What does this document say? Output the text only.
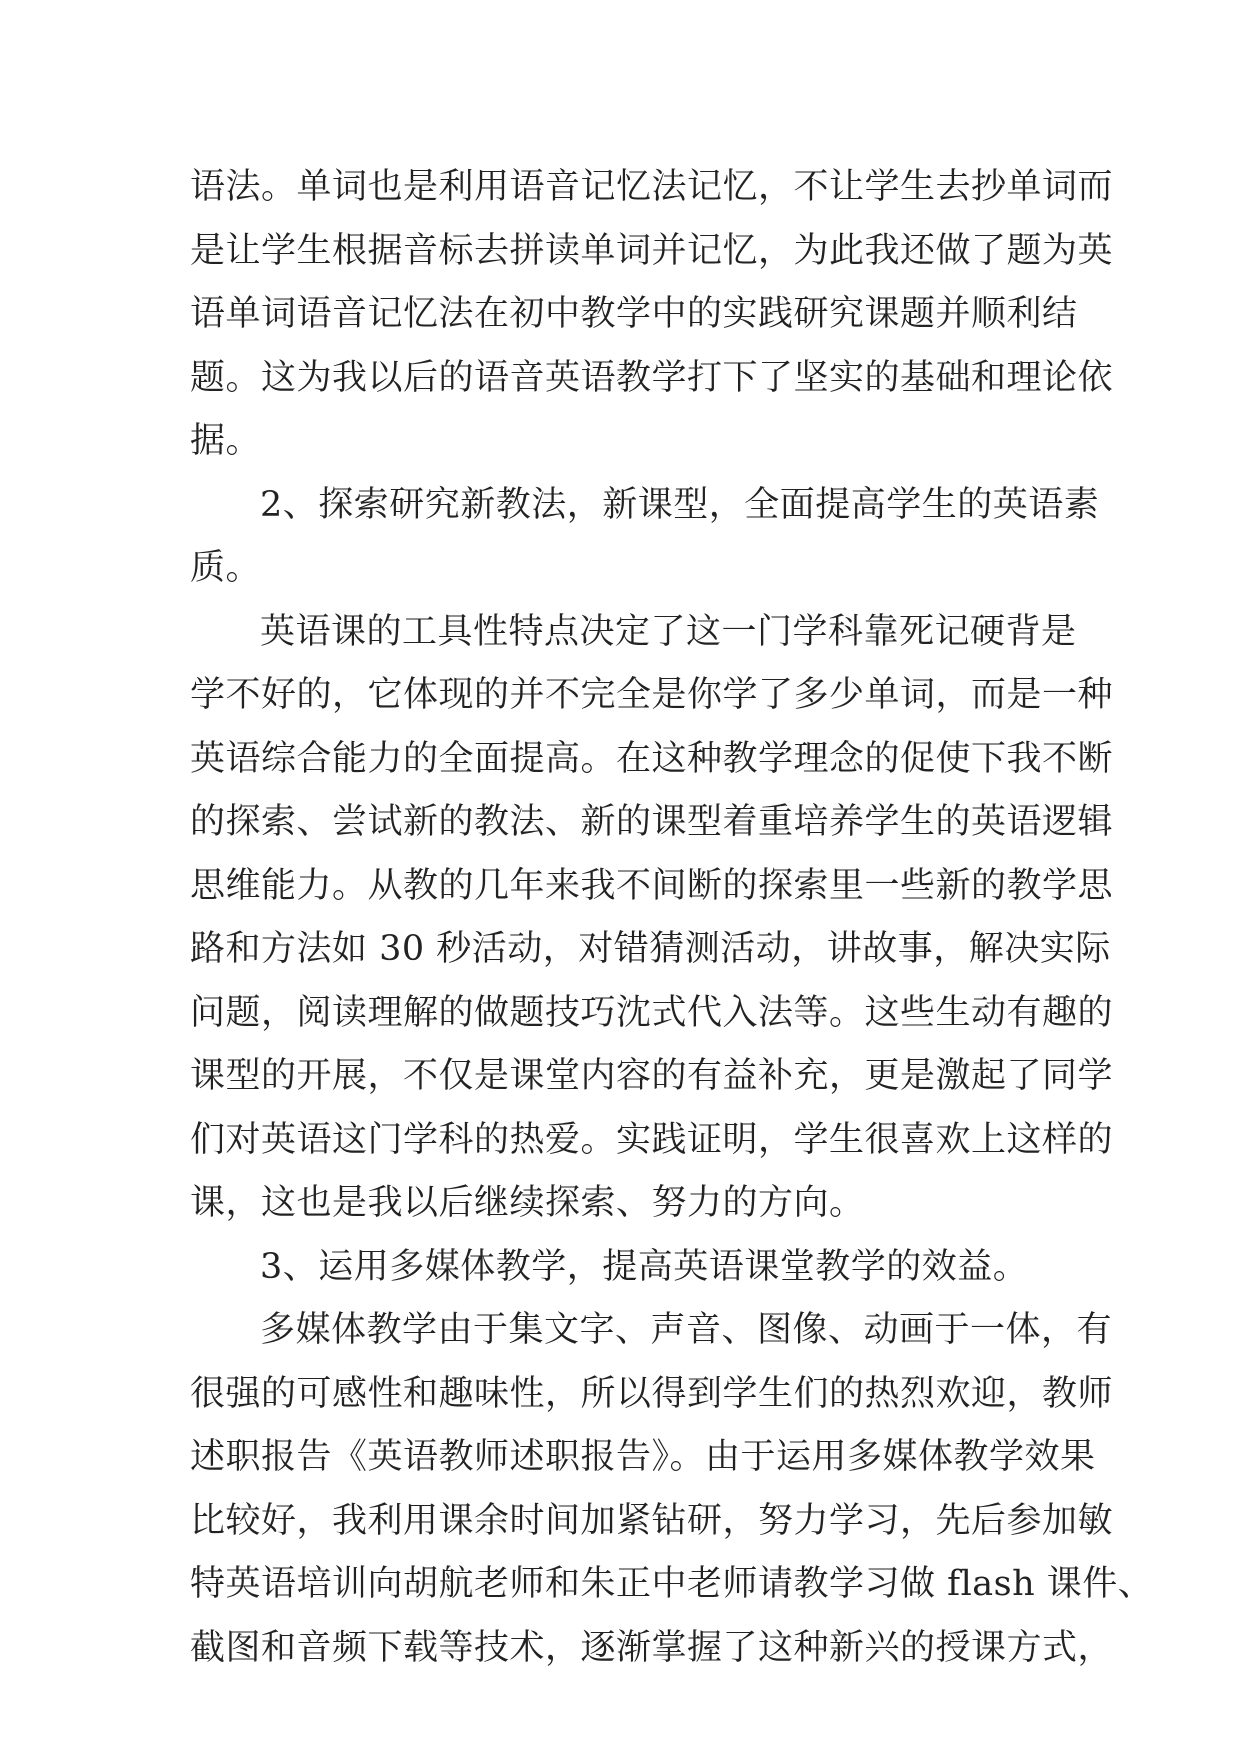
语法。单词也是利用语音记忆法记忆，不让学生去抄单词而
是让学生根据音标去拼读单词并记忆，为此我还做了题为英
语单词语音记忆法在初中教学中的实践研究课题并顺利结
题。这为我以后的语音英语教学打下了坚实的基础和理论依
据。
2、探索研究新教法，新课型，全面提高学生的英语素
质。
英语课的工具性特点决定了这一门学科靠死记硬背是
学不好的，它体现的并不完全是你学了多少单词，而是一种
英语综合能力的全面提高。在这种教学理念的促使下我不断
的探索、尝试新的教法、新的课型着重培养学生的英语逻辑
思维能力。从教的几年来我不间断的探索里一些新的教学思
路和方法如 30 秒活动，对错猜测活动，讲故事，解决实际
问题，阅读理解的做题技巧沈式代入法等。这些生动有趣的
课型的开展，不仅是课堂内容的有益补充，更是激起了同学
们对英语这门学科的热爱。实践证明，学生很喜欢上这样的
课，这也是我以后继续探索、努力的方向。
3、运用多媒体教学，提高英语课堂教学的效益。
多媒体教学由于集文字、声音、图像、动画于一体，有
很强的可感性和趣味性，所以得到学生们的热烈欢迎，教师
述职报告《英语教师述职报告》。由于运用多媒体教学效果
比较好，我利用课余时间加紧钻研，努力学习，先后参加敏
特英语培训向胡航老师和朱正中老师请教学习做 flash 课件、
截图和音频下载等技术，逐渐掌握了这种新兴的授课方式，
